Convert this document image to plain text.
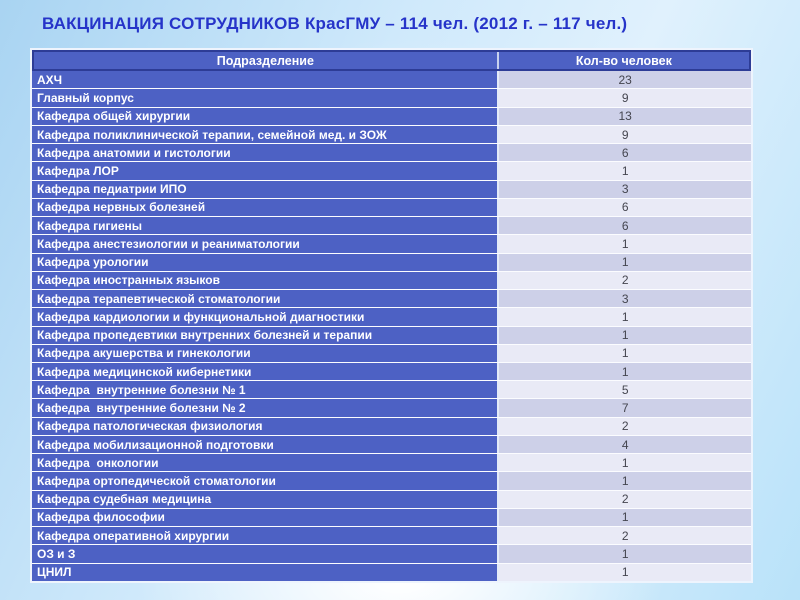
ВАКЦИНАЦИЯ СОТРУДНИКОВ КрасГМУ – 114 чел. (2012 г. – 117 чел.)
Подразделение	Кол-во человек
АХЧ	23
Главный корпус	9
Кафедра общей хирургии	13
Кафедра поликлинической терапии, семейной мед. и ЗОЖ	9
Кафедра анатомии и гистологии	6
Кафедра ЛОР	1
Кафедра педиатрии ИПО	3
Кафедра нервных болезней	6
Кафедра гигиены	6
Кафедра анестезиологии и реаниматологии	1
Кафедра урологии	1
Кафедра иностранных языков	2
Кафедра терапевтической стоматологии	3
Кафедра кардиологии и функциональной диагностики	1
Кафедра пропедевтики внутренних болезней и терапии	1
Кафедра акушерства и гинекологии	1
Кафедра медицинской кибернетики	1
Кафедра  внутренние болезни № 1	5
Кафедра  внутренние болезни № 2	7
Кафедра патологическая физиология	2
Кафедра мобилизационной подготовки	4
Кафедра  онкологии	1
Кафедра ортопедической стоматологии	1
Кафедра судебная медицина	2
Кафедра философии	1
Кафедра оперативной хирургии	2
ОЗ и З	1
ЦНИЛ	1
